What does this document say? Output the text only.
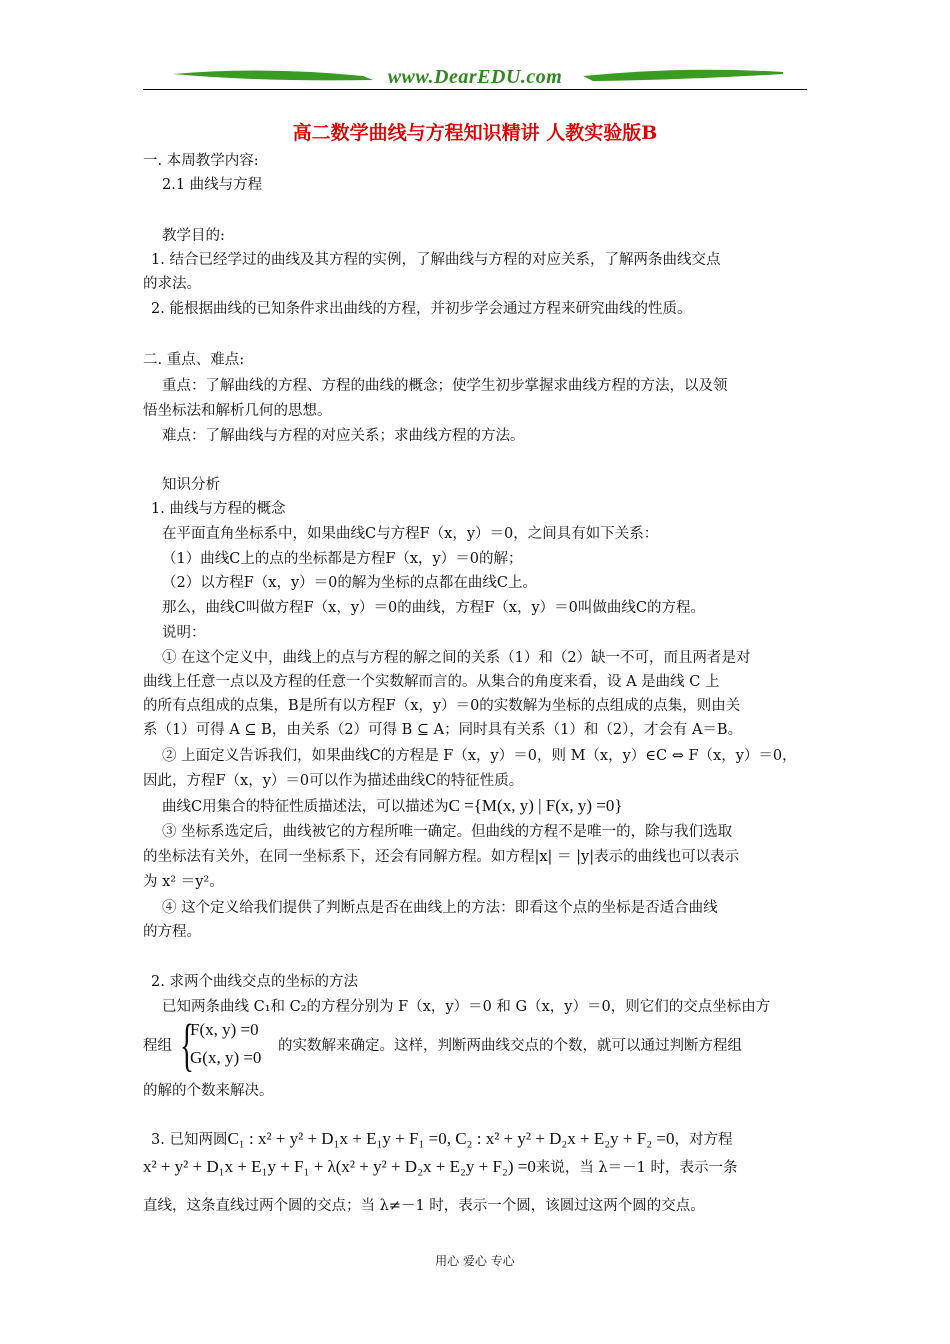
www.DearEDU.com
高二数学曲线与方程知识精讲 人教实验版B
一. 本周教学内容:
2.1 曲线与方程
教学目的:
1. 结合已经学过的曲线及其方程的实例，了解曲线与方程的对应关系，了解两条曲线交点
的求法。
2. 能根据曲线的已知条件求出曲线的方程，并初步学会通过方程来研究曲线的性质。
二. 重点、难点:
重点：了解曲线的方程、方程的曲线的概念；使学生初步掌握求曲线方程的方法，以及领
悟坐标法和解析几何的思想。
难点：了解曲线与方程的对应关系；求曲线方程的方法。
知识分析
1. 曲线与方程的概念
在平面直角坐标系中，如果曲线C与方程F（x，y）＝0，之间具有如下关系：
（1）曲线C上的点的坐标都是方程F（x，y）＝0的解；
（2）以方程F（x，y）＝0的解为坐标的点都在曲线C上。
那么，曲线C叫做方程F（x，y）＝0的曲线，方程F（x，y）＝0叫做曲线C的方程。
说明：
① 在这个定义中，曲线上的点与方程的解之间的关系（1）和（2）缺一不可，而且两者是对
曲线上任意一点以及方程的任意一个实数解而言的。从集合的角度来看，设 A 是曲线 C 上
的所有点组成的点集，B是所有以方程F（x，y）＝0的实数解为坐标的点组成的点集，则由关
系（1）可得 A ⊆ B，由关系（2）可得 B ⊆ A；同时具有关系（1）和（2），才会有 A＝B。
② 上面定义告诉我们，如果曲线C的方程是 F（x，y）＝0，则 M（x，y）∈C ⇔ F（x，y）＝0，
因此，方程F（x，y）＝0可以作为描述曲线C的特征性质。
曲线C用集合的特征性质描述法，可以描述为C ={M(x, y) | F(x, y) =0}
③ 坐标系选定后，曲线被它的方程所唯一确定。但曲线的方程不是唯一的，除与我们选取
的坐标法有关外，在同一坐标系下，还会有同解方程。如方程|x| ＝ |y|表示的曲线也可以表示
为 x² ＝y²。
④ 这个定义给我们提供了判断点是否在曲线上的方法：即看这个点的坐标是否适合曲线
的方程。
2. 求两个曲线交点的坐标的方法
已知两条曲线 C₁和 C₂的方程分别为 F（x，y）＝0 和 G（x，y）＝0，则它们的交点坐标由方
程组 {
F(x, y) =0
G(x, y) =0
的实数解来确定。这样，判断两曲线交点的个数，就可以通过判断方程组
的解的个数来解决。
3. 已知两圆C₁ : x² + y² + D₁x + E₁y + F₁ =0, C₂ : x² + y² + D₂x + E₂y + F₂ =0，对方程
x² + y² + D₁x + E₁y + F₁ + λ(x² + y² + D₂x + E₂y + F₂) =0来说，当 λ＝－1 时，表示一条
直线，这条直线过两个圆的交点；当 λ≠－1 时，表示一个圆，该圆过这两个圆的交点。
用心 爱心 专心
